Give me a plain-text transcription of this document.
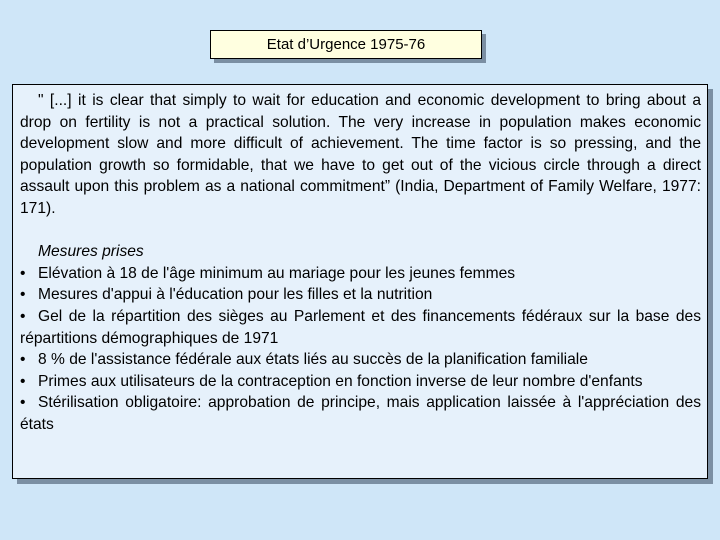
Etat d’Urgence 1975-76

" [...] it is clear that simply to wait for education and economic development to bring about a drop on fertility is not a practical solution. The very increase in population makes economic development slow and more difficult of achievement. The time factor is so pressing, and the population growth so formidable, that we have to get out of the vicious circle through a direct assault upon this problem as a national commitment” (India, Department of Family Welfare, 1977: 171).

Mesures prises

• Elévation à 18 de l'âge minimum au mariage pour les jeunes femmes
• Mesures d'appui à l'éducation pour les filles et la nutrition
• Gel de la répartition des sièges au Parlement et des financements fédéraux sur la base des répartitions démographiques de 1971
• 8 % de l'assistance fédérale aux états liés au succès de la planification familiale
• Primes aux utilisateurs de la contraception en fonction inverse de leur nombre d'enfants
• Stérilisation obligatoire: approbation de principe, mais application laissée à l'appréciation des états
